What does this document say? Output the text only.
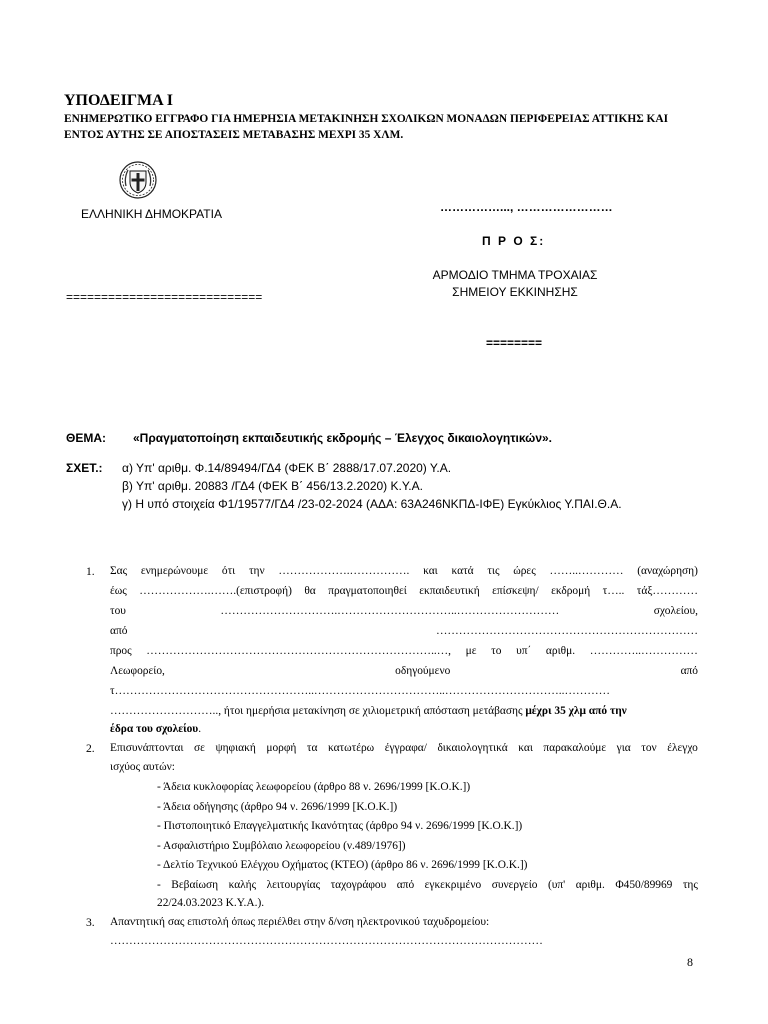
ΥΠΟΔΕΙΓΜΑ Ι
ΕΝΗΜΕΡΩΤΙΚΟ ΕΓΓΡΑΦΟ ΓΙΑ ΗΜΕΡΗΣΙΑ ΜΕΤΑΚΙΝΗΣΗ ΣΧΟΛΙΚΩΝ ΜΟΝΑΔΩΝ ΠΕΡΙΦΕΡΕΙΑΣ ΑΤΤΙΚΗΣ ΚΑΙ
ΕΝΤΟΣ ΑΥΤΗΣ ΣΕ ΑΠΟΣΤΑΣΕΙΣ ΜΕΤΑΒΑΣΗΣ ΜΕΧΡΙ 35 ΧΛΜ.
ΕΛΛΗΝΙΚΗ ΔΗΜΟΚΡΑΤΙΑ
============================
……………..., ……………………
Π Ρ Ο Σ:
ΑΡΜΟΔΙΟ ΤΜΗΜΑ ΤΡΟΧΑΙΑΣ
ΣΗΜΕΙΟΥ ΕΚΚΙΝΗΣΗΣ
========
ΘΕΜΑ: «Πραγματοποίηση εκπαιδευτικής εκδρομής – Έλεγχος δικαιολογητικών».
ΣΧΕΤ.: α) Υπ' αριθμ. Φ.14/89494/ΓΔ4 (ΦΕΚ Β΄ 2888/17.07.2020) Υ.Α.
β) Υπ' αριθμ. 20883 /ΓΔ4 (ΦΕΚ Β΄ 456/13.2.2020) Κ.Υ.Α.
γ) Η υπό στοιχεία Φ1/19577/ΓΔ4 /23-02-2024 (ΑΔΑ: 63Α246ΝΚΠΔ-ΙΦΕ) Εγκύκλιος Υ.ΠΑΙ.Θ.Α.
1. Σας ενημερώνουμε ότι την ……………….……………. και κατά τις ώρες ……..………… (αναχώρηση)
έως ……………….…….(επιστροφή) θα πραγματοποιηθεί εκπαιδευτική επίσκεψη/ εκδρομή τ….. τάξ…………
του	………………………….…………………………..………………………	σχολείου,
από	……………………………………………………………
προς …………………………………………………………………..…, με το υπ΄ αριθμ. …………..……………
Λεωφορείο,	οδηγούμενο	από
τ……………………………………………..……………………………..…………………………..…………
……………………….., ήτοι ημερήσια μετακίνηση σε χιλιομετρική απόσταση μετάβασης μέχρι 35 χλμ από την
έδρα του σχολείου.
2. Επισυνάπτονται σε ψηφιακή μορφή τα κατωτέρω έγγραφα/ δικαιολογητικά και παρακαλούμε για τον έλεγχο
ισχύος αυτών:
- Άδεια κυκλοφορίας λεωφορείου (άρθρο 88 ν. 2696/1999 [Κ.Ο.Κ.])
- Άδεια οδήγησης (άρθρο 94 ν. 2696/1999 [Κ.Ο.Κ.])
- Πιστοποιητικό Επαγγελματικής Ικανότητας (άρθρο 94 ν. 2696/1999 [Κ.Ο.Κ.])
- Ασφαλιστήριο Συμβόλαιο λεωφορείου (ν.489/1976])
- Δελτίο Τεχνικού Ελέγχου Οχήματος (ΚΤΕΟ) (άρθρο 86 ν. 2696/1999 [Κ.Ο.Κ.])
- Βεβαίωση καλής λειτουργίας ταχογράφου από εγκεκριμένο συνεργείο (υπ' αριθμ. Φ450/89969 της
22/24.03.2023 Κ.Υ.Α.).
3. Απαντητική σας επιστολή όπως περιέλθει στην δ/νση ηλεκτρονικού ταχυδρομείου:
……………………………………………………………………………………………………
8
